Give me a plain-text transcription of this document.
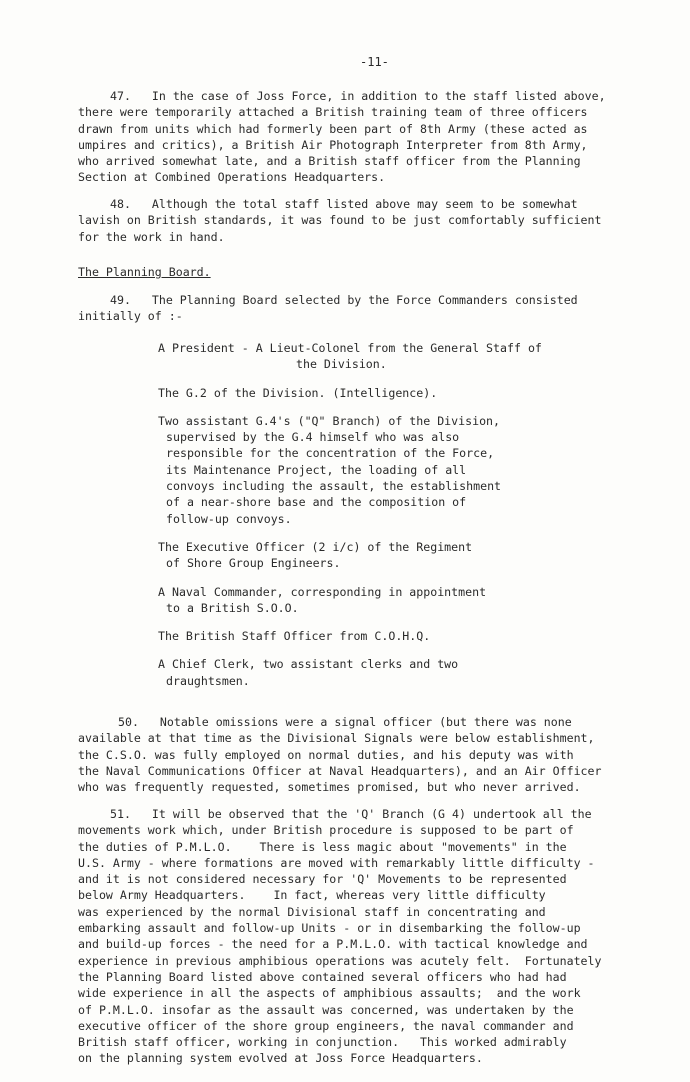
-11-
47.   In the case of Joss Force, in addition to the staff listed above,
there were temporarily attached a British training team of three officers
drawn from units which had formerly been part of 8th Army (these acted as
umpires and critics), a British Air Photograph Interpreter from 8th Army,
who arrived somewhat late, and a British staff officer from the Planning
Section at Combined Operations Headquarters.
48.   Although the total staff listed above may seem to be somewhat
lavish on British standards, it was found to be just comfortably sufficient
for the work in hand.
The Planning Board.
49.   The Planning Board selected by the Force Commanders consisted
initially of :-
A President - A Lieut-Colonel from the General Staff of
the Division.
The G.2 of the Division. (Intelligence).
Two assistant G.4's ("Q" Branch) of the Division,
supervised by the G.4 himself who was also
responsible for the concentration of the Force,
its Maintenance Project, the loading of all
convoys including the assault, the establishment
of a near-shore base and the composition of
follow-up convoys.
The Executive Officer (2 i/c) of the Regiment
of Shore Group Engineers.
A Naval Commander, corresponding in appointment
to a British S.O.O.
The British Staff Officer from C.O.H.Q.
A Chief Clerk, two assistant clerks and two
draughtsmen.
50.   Notable omissions were a signal officer (but there was none
available at that time as the Divisional Signals were below establishment,
the C.S.O. was fully employed on normal duties, and his deputy was with
the Naval Communications Officer at Naval Headquarters), and an Air Officer
who was frequently requested, sometimes promised, but who never arrived.
51.   It will be observed that the 'Q' Branch (G 4) undertook all the
movements work which, under British procedure is supposed to be part of
the duties of P.M.L.O.    There is less magic about "movements" in the
U.S. Army - where formations are moved with remarkably little difficulty -
and it is not considered necessary for 'Q' Movements to be represented
below Army Headquarters.    In fact, whereas very little difficulty
was experienced by the normal Divisional staff in concentrating and
embarking assault and follow-up Units - or in disembarking the follow-up
and build-up forces - the need for a P.M.L.O. with tactical knowledge and
experience in previous amphibious operations was acutely felt.  Fortunately
the Planning Board listed above contained several officers who had had
wide experience in all the aspects of amphibious assaults;  and the work
of P.M.L.O. insofar as the assault was concerned, was undertaken by the
executive officer of the shore group engineers, the naval commander and
British staff officer, working in conjunction.   This worked admirably
on the planning system evolved at Joss Force Headquarters.
